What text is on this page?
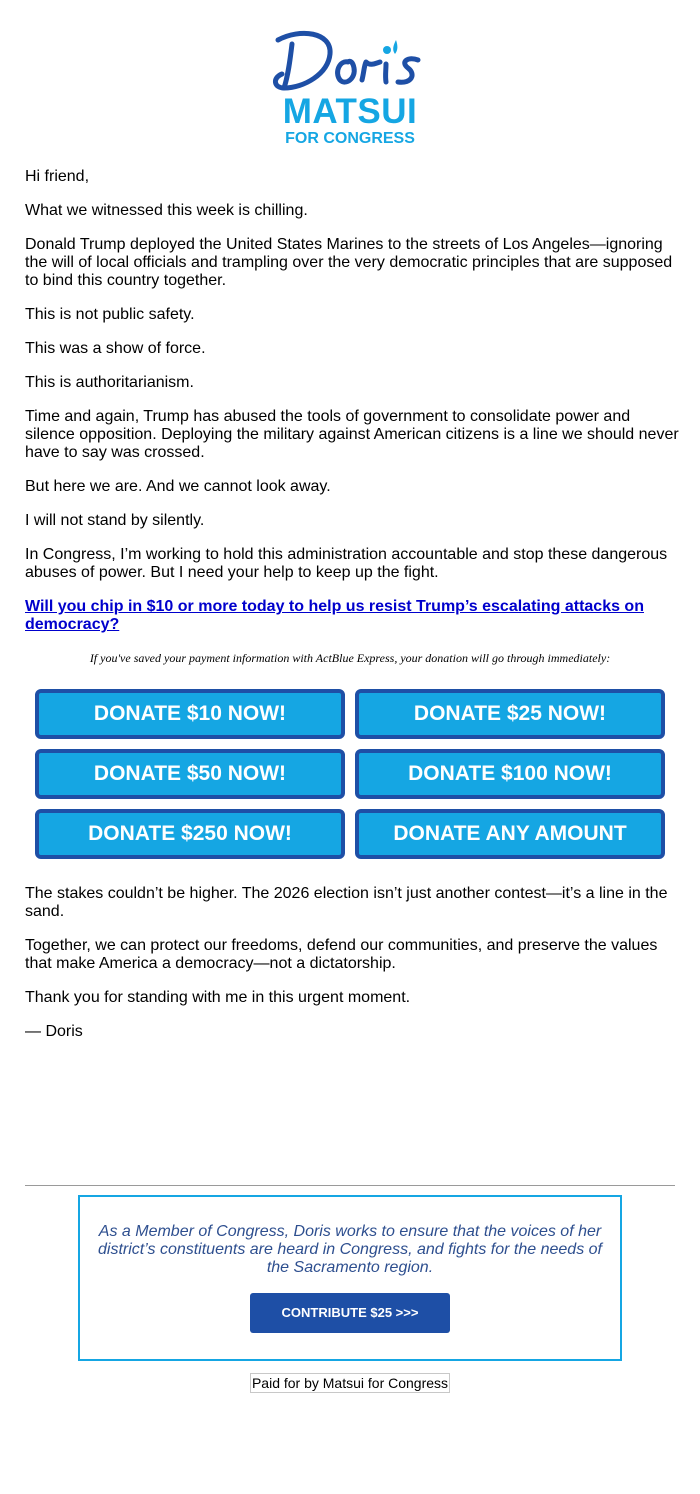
MATSUI
FOR CONGRESS
Hi friend,
What we witnessed this week is chilling.
Donald Trump deployed the United States Marines to the streets of Los Angeles—ignoring the will of local officials and trampling over the very democratic principles that are supposed to bind this country together.
This is not public safety.
This was a show of force.
This is authoritarianism.
Time and again, Trump has abused the tools of government to consolidate power and silence opposition. Deploying the military against American citizens is a line we should never have to say was crossed.
But here we are. And we cannot look away.
I will not stand by silently.
In Congress, I’m working to hold this administration accountable and stop these dangerous abuses of power. But I need your help to keep up the fight.
The stakes couldn’t be higher. The 2026 election isn’t just another contest—it’s a line in the sand.
Together, we can protect our freedoms, defend our communities, and preserve the values that make America a democracy—not a dictatorship.
Thank you for standing with me in this urgent moment.
— Doris
Will you chip in $10 or more today to help us resist Trump’s escalating attacks on democracy?
If you've saved your payment information with ActBlue Express, your donation will go through immediately:
DONATE $10 NOW!	DONATE $25 NOW!
DONATE $50 NOW!	DONATE $100 NOW!
DONATE $250 NOW!	DONATE ANY AMOUNT
As a Member of Congress, Doris works to ensure that the voices of her district’s constituents are heard in Congress, and fights for the needs of the Sacramento region.
CONTRIBUTE $25 >>>
Paid for by Matsui for Congress
